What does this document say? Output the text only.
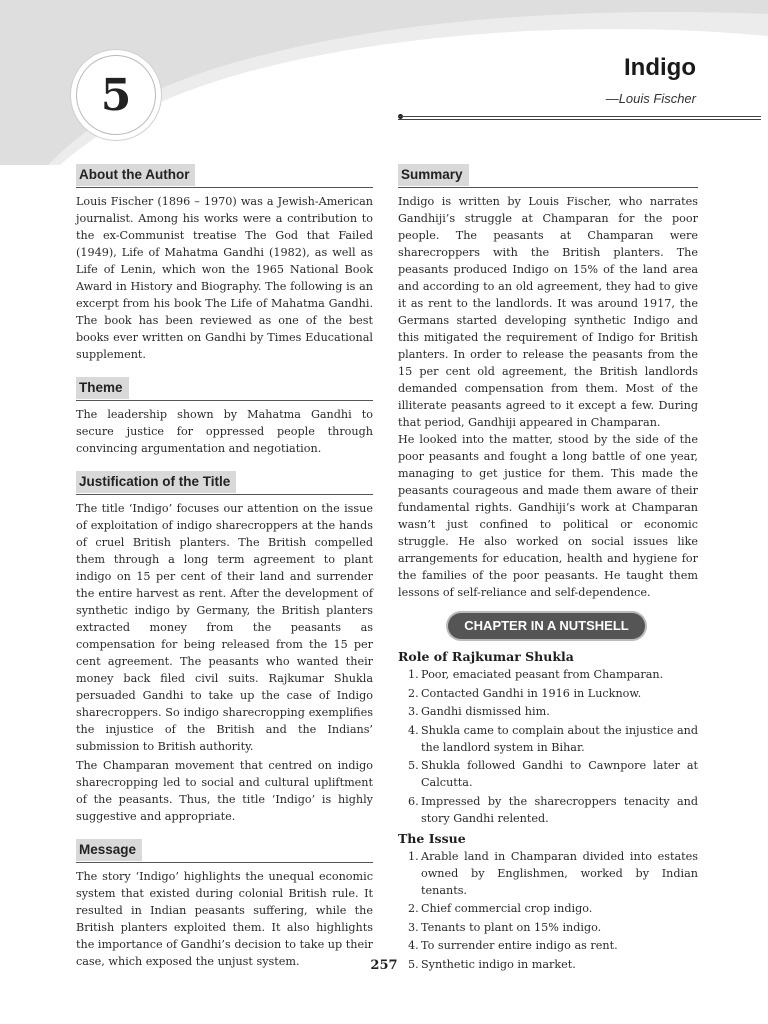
5
Indigo
—Louis Fischer
About the Author

Louis Fischer (1896 – 1970) was a Jewish-American journalist. Among his works were a contribution to the ex-Communist treatise The God that Failed (1949), Life of Mahatma Gandhi (1982), as well as Life of Lenin, which won the 1965 National Book Award in History and Biography. The following is an excerpt from his book The Life of Mahatma Gandhi. The book has been reviewed as one of the best books ever written on Gandhi by Times Educational supplement.

Theme

The leadership shown by Mahatma Gandhi to secure justice for oppressed people through convincing argumentation and negotiation.

Justification of the Title

The title ‘Indigo’ focuses our attention on the issue of exploitation of indigo sharecroppers at the hands of cruel British planters. The British compelled them through a long term agreement to plant indigo on 15 per cent of their land and surrender the entire harvest as rent. After the development of synthetic indigo by Germany, the British planters extracted money from the peasants as compensation for being released from the 15 per cent agreement. The peasants who wanted their money back filed civil suits. Rajkumar Shukla persuaded Gandhi to take up the case of Indigo sharecroppers. So indigo sharecropping exemplifies the injustice of the British and the Indians’ submission to British authority.

The Champaran movement that centred on indigo sharecropping led to social and cultural upliftment of the peasants. Thus, the title ‘Indigo’ is highly suggestive and appropriate.

Message

The story ‘Indigo’ highlights the unequal economic system that existed during colonial British rule. It resulted in Indian peasants suffering, while the British planters exploited them. It also highlights the importance of Gandhi’s decision to take up their case, which exposed the unjust system.

Summary

Indigo is written by Louis Fischer, who narrates Gandhiji’s struggle at Champaran for the poor people. The peasants at Champaran were sharecroppers with the British planters. The peasants produced Indigo on 15% of the land area and according to an old agreement, they had to give it as rent to the landlords. It was around 1917, the Germans started developing synthetic Indigo and this mitigated the requirement of Indigo for British planters. In order to release the peasants from the 15 per cent old agreement, the British landlords demanded compensation from them. Most of the illiterate peasants agreed to it except a few. During that period, Gandhiji appeared in Champaran.

He looked into the matter, stood by the side of the poor peasants and fought a long battle of one year, managing to get justice for them. This made the peasants courageous and made them aware of their fundamental rights. Gandhiji’s work at Champaran wasn’t just confined to political or economic struggle. He also worked on social issues like arrangements for education, health and hygiene for the families of the poor peasants. He taught them lessons of self-reliance and self-dependence.

CHAPTER IN A NUTSHELL
Role of Rajkumar Shukla
1. Poor, emaciated peasant from Champaran.
2. Contacted Gandhi in 1916 in Lucknow.
3. Gandhi dismissed him.
4. Shukla came to complain about the injustice and the landlord system in Bihar.
5. Shukla followed Gandhi to Cawnpore later at Calcutta.
6. Impressed by the sharecroppers tenacity and story Gandhi relented.
The Issue
1. Arable land in Champaran divided into estates owned by Englishmen, worked by Indian tenants.
2. Chief commercial crop indigo.
3. Tenants to plant on 15% indigo.
4. To surrender entire indigo as rent.
5. Synthetic indigo in market.
257
